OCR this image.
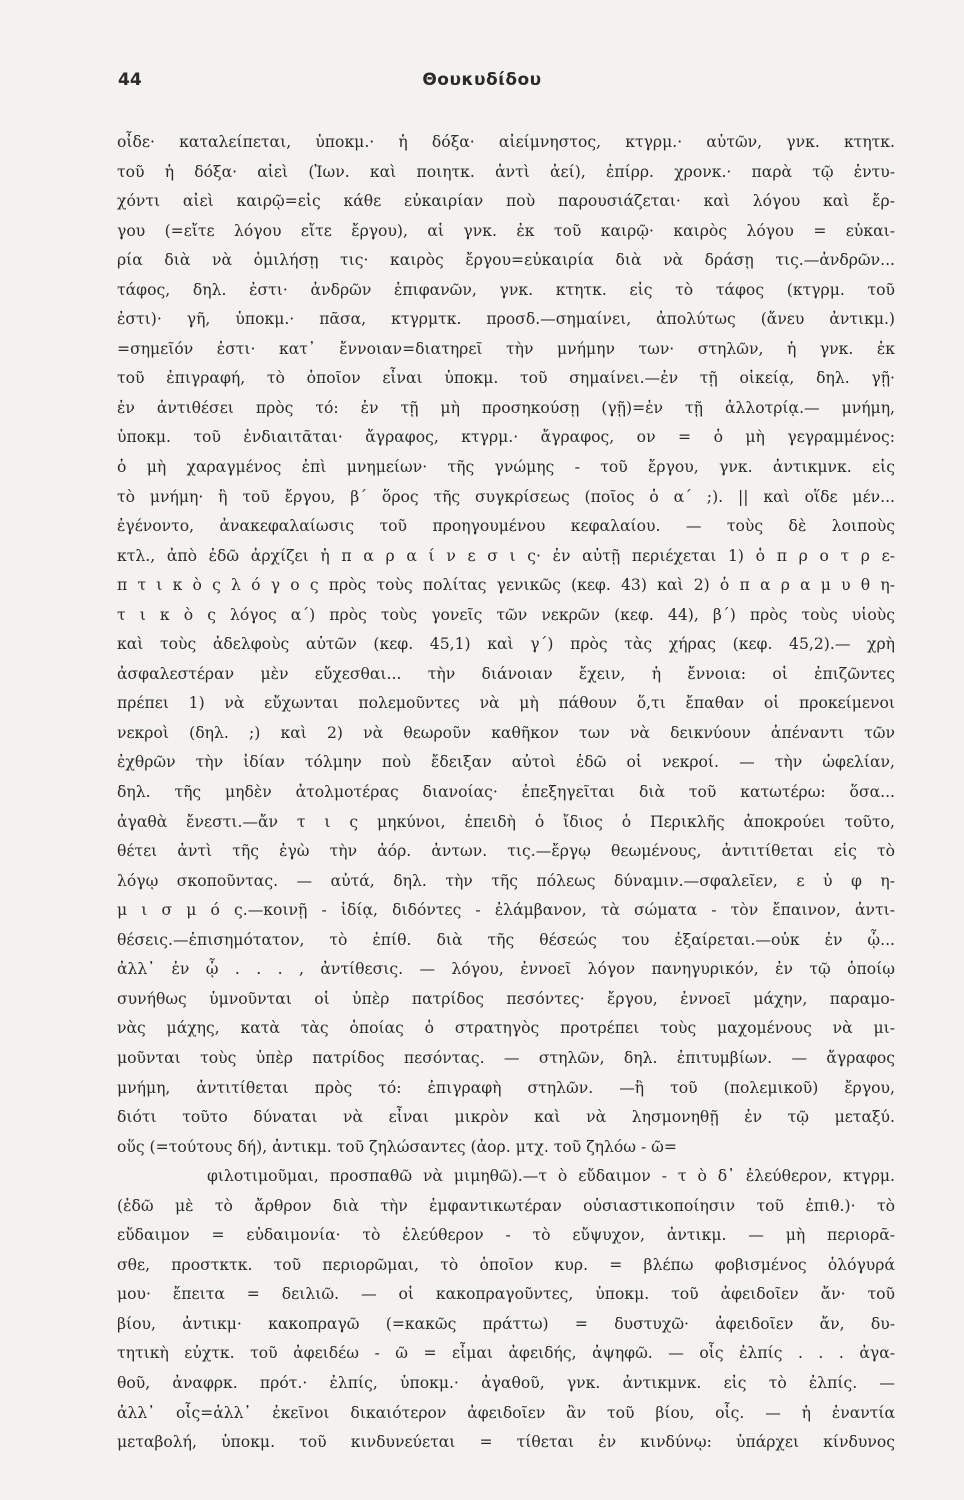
44	Θουκυδίδου
οἶδε· καταλείπεται, ὑποκμ.· ἡ δόξα· αἰείμνηστος, κτγρμ.· αὐτῶν, γνκ. κτητκ.
τοῦ ἡ δόξα· αἰεὶ (Ἰων. καὶ ποιητκ. ἀντὶ ἀεί), ἐπίρρ. χρονκ.· παρὰ τῷ ἐντυ-
χόντι αἰεὶ καιρῷ=εἰς κάθε εὐκαιρίαν ποὺ παρουσιάζεται· καὶ λόγου καὶ ἔρ-
γου (=εἴτε λόγου εἴτε ἔργου), αἱ γνκ. ἐκ τοῦ καιρῷ· καιρὸς λόγου = εὐκαι-
ρία διὰ νὰ ὁμιλήσῃ τις· καιρὸς ἔργου=εὐκαιρία διὰ νὰ δράσῃ τις.—ἀνδρῶν...
τάφος, δηλ. ἐστι· ἀνδρῶν ἐπιφανῶν, γνκ. κτητκ. εἰς τὸ τάφος (κτγρμ. τοῦ
ἐστι)· γῆ, ὑποκμ.· πᾶσα, κτγρμτκ. προσδ.—σημαίνει, ἀπολύτως (ἄνευ ἀντικμ.)
=σημεῖόν ἐστι· κατ᾽ ἔννοιαν=διατηρεῖ τὴν μνήμην των· στηλῶν, ἡ γνκ. ἐκ
τοῦ ἐπιγραφή, τὸ ὁποῖον εἶναι ὑποκμ. τοῦ σημαίνει.—ἐν τῇ οἰκείᾳ, δηλ. γῇ·
ἐν ἀντιθέσει πρὸς τό: ἐν τῇ μὴ προσηκούσῃ (γῇ)=ἐν τῇ ἀλλοτρίᾳ.— μνήμη,
ὑποκμ. τοῦ ἐνδιαιτᾶται· ἄγραφος, κτγρμ.· ἄγραφος, ον = ὁ μὴ γεγραμμένος:
ὁ μὴ χαραγμένος ἐπὶ μνημείων· τῆς γνώμης - τοῦ ἔργου, γνκ. ἀντικμνκ. εἰς
τὸ μνήμη· ἢ τοῦ ἔργου, β΄ ὅρος τῆς συγκρίσεως (ποῖος ὁ α΄ ;). || καὶ οἵδε μέν...
ἐγένοντο, ἀνακεφαλαίωσις τοῦ προηγουμένου κεφαλαίου. — τοὺς δὲ λοιποὺς
κτλ., ἀπὸ ἐδῶ ἀρχίζει ἡ π α ρ α ί ν ε σ ι ς· ἐν αὐτῇ περιέχεται 1) ὁ π ρ ο τ ρ ε-
π τ ι κ ὸ ς λ ό γ ο ς πρὸς τοὺς πολίτας γενικῶς (κεφ. 43) καὶ 2) ὁ π α ρ α μ υ θ η-
τ ι κ ὸ ς λόγος α΄) πρὸς τοὺς γονεῖς τῶν νεκρῶν (κεφ. 44), β΄) πρὸς τοὺς υἱοὺς
καὶ τοὺς ἀδελφοὺς αὐτῶν (κεφ. 45,1) καὶ γ΄) πρὸς τὰς χήρας (κεφ. 45,2).— χρὴ
ἀσφαλεστέραν μὲν εὔχεσθαι... τὴν διάνοιαν ἔχειν, ἡ ἔννοια: οἱ ἐπιζῶντες
πρέπει 1) νὰ εὔχωνται πολεμοῦντες νὰ μὴ πάθουν ὅ,τι ἔπαθαν οἱ προκείμενοι
νεκροὶ (δηλ. ;) καὶ 2) νὰ θεωροῦν καθῆκον των νὰ δεικνύουν ἀπέναντι τῶν
ἐχθρῶν τὴν ἰδίαν τόλμην ποὺ ἔδειξαν αὐτοὶ ἐδῶ οἱ νεκροί. — τὴν ὠφελίαν,
δηλ. τῆς μηδὲν ἀτολμοτέρας διανοίας· ἐπεξηγεῖται διὰ τοῦ κατωτέρω: ὅσα...
ἀγαθὰ ἔνεστι.—ἄν τ ι ς μηκύνοι, ἐπειδὴ ὁ ἴδιος ὁ Περικλῆς ἀποκρούει τοῦτο,
θέτει ἀντὶ τῆς ἐγὼ τὴν ἀόρ. ἀντων. τις.—ἔργῳ θεωμένους, ἀντιτίθεται εἰς τὸ
λόγῳ σκοποῦντας. — αὐτά, δηλ. τὴν τῆς πόλεως δύναμιν.—σφαλεῖεν, ε ὐ φ η-
μ ι σ μ ό ς.—κοινῇ - ἰδίᾳ, διδόντες - ἐλάμβανον, τὰ σώματα - τὸν ἔπαινον, ἀντι-
θέσεις.—ἐπισημότατον, τὸ ἐπίθ. διὰ τῆς θέσεώς του ἐξαίρεται.—οὐκ ἐν ᾧ...
ἀλλ᾽ ἐν ᾧ . . . , ἀντίθεσις. — λόγου, ἐννοεῖ λόγον πανηγυρικόν, ἐν τῷ ὁποίῳ
συνήθως ὑμνοῦνται οἱ ὑπὲρ πατρίδος πεσόντες· ἔργου, ἐννοεῖ μάχην, παραμο-
νὰς μάχης, κατὰ τὰς ὁποίας ὁ στρατηγὸς προτρέπει τοὺς μαχομένους νὰ μι-
μοῦνται τοὺς ὑπὲρ πατρίδος πεσόντας. — στηλῶν, δηλ. ἐπιτυμβίων. — ἄγραφος
μνήμη, ἀντιτίθεται πρὸς τό: ἐπιγραφὴ στηλῶν. —ἢ τοῦ (πολεμικοῦ) ἔργου,
διότι τοῦτο δύναται νὰ εἶναι μικρὸν καὶ νὰ λησμονηθῇ ἐν τῷ μεταξύ.
οὕς (=τούτους δή), ἀντικμ. τοῦ ζηλώσαντες (ἀορ. μτχ. τοῦ ζηλόω - ῶ=
φιλοτιμοῦμαι, προσπαθῶ νὰ μιμηθῶ).—τ ὸ εὔδαιμον - τ ὸ δ᾽ ἐλεύθερον, κτγρμ.
(ἐδῶ μὲ τὸ ἄρθρον διὰ τὴν ἐμφαντικωτέραν οὐσιαστικοποίησιν τοῦ ἐπιθ.)· τὸ
εὔδαιμον = εὐδαιμονία· τὸ ἐλεύθερον - τὸ εὔψυχον, ἀντικμ. — μὴ περιορᾶ-
σθε, προστκτκ. τοῦ περιορῶμαι, τὸ ὁποῖον κυρ. = βλέπω φοβισμένος ὁλόγυρά
μου· ἔπειτα = δειλιῶ. — οἱ κακοπραγοῦντες, ὑποκμ. τοῦ ἀφειδοῖεν ἄν· τοῦ
βίου, ἀντικμ· κακοπραγῶ (=κακῶς πράττω) = δυστυχῶ· ἀφειδοῖεν ἄν, δυ-
τητικὴ εὐχτκ. τοῦ ἀφειδέω - ῶ = εἶμαι ἀφειδής, ἀψηφῶ. — οἷς ἐλπίς . . . ἀγα-
θοῦ, ἀναφρκ. πρότ.· ἐλπίς, ὑποκμ.· ἀγαθοῦ, γνκ. ἀντικμνκ. εἰς τὸ ἐλπίς. —
ἀλλ᾽ οἷς=ἀλλ᾽ ἐκεῖνοι δικαιότερον ἀφειδοῖεν ἂν τοῦ βίου, οἷς. — ἡ ἐναντία
μεταβολή, ὑποκμ. τοῦ κινδυνεύεται = τίθεται ἐν κινδύνῳ: ὑπάρχει κίνδυνος
